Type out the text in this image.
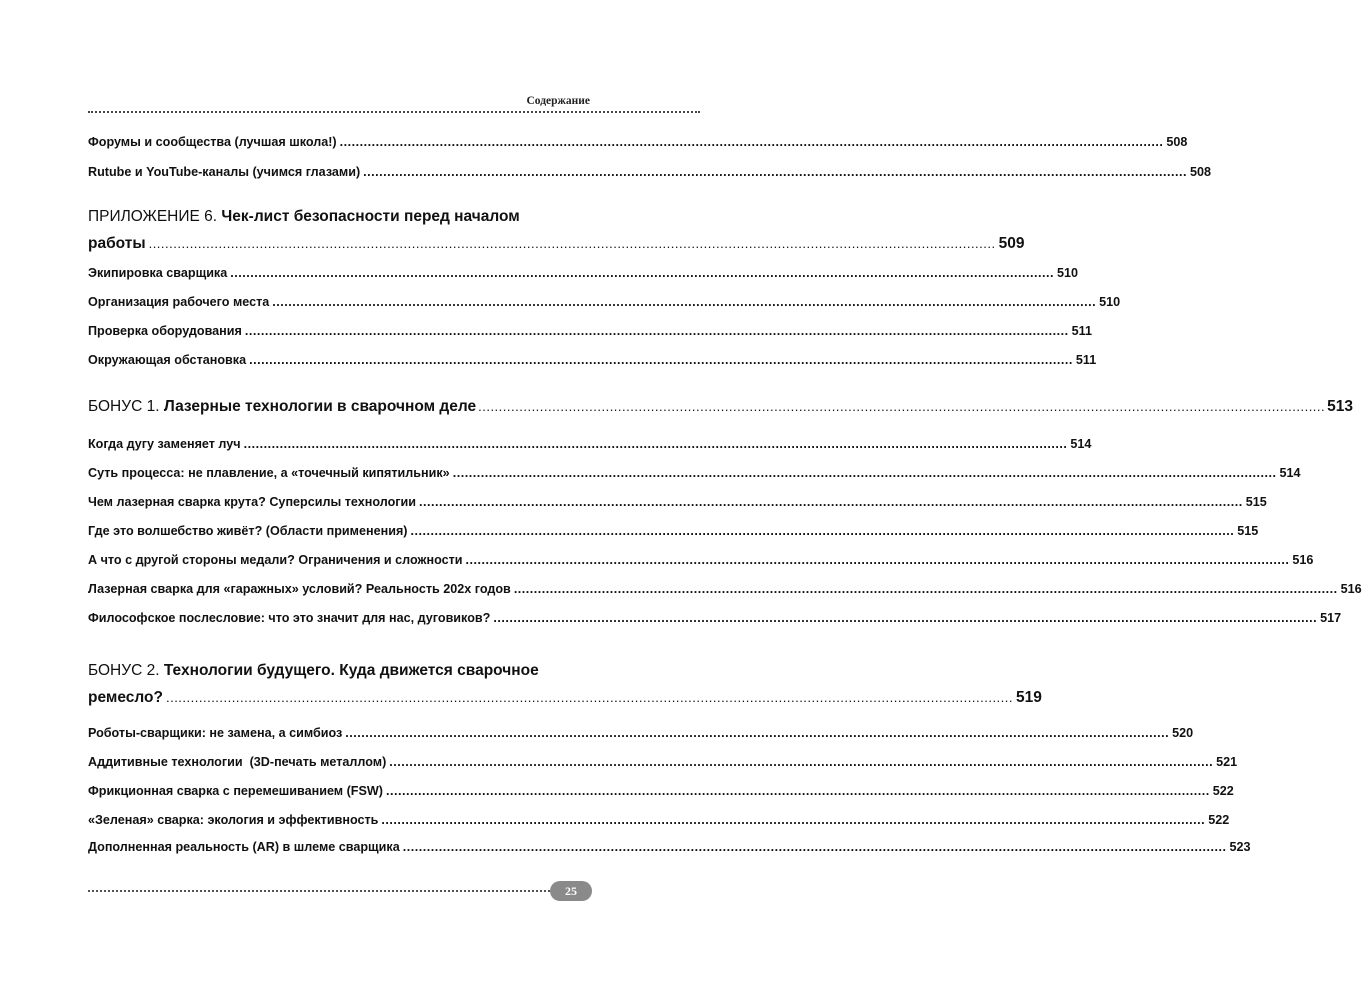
Содержание
Форумы и сообщества (лучшая школа!) .....	508
Rutube и YouTube-каналы (учимся глазами) .....	508
ПРИЛОЖЕНИЕ 6. Чек-лист безопасности перед началом
работы .....	509
Экипировка сварщика .....	510
Организация рабочего места .....	510
Проверка оборудования .....	511
Окружающая обстановка .....	511
БОНУС 1.
Лазерные технологии в сварочном деле .....	513
Когда дугу заменяет луч .....	514
Суть процесса: не плавление, а «точечный кипятильник» .....	514
Чем лазерная сварка крута? Суперсилы технологии .....	515
Где это волшебство живёт? (Области применения) .....	515
А что с другой стороны медали? Ограничения и сложности .....	516
Лазерная сварка для «гаражных» условий? Реальность 202х годов .....	516
Философское послесловие: что это значит для нас, дуговиков? .....	517
БОНУС 2. Технологии будущего. Куда движется сварочное
ремесло? .....	519
Роботы-сварщики: не замена, а симбиоз .....	520
Аддитивные технологии  (3D-печать металлом) .....	521
Фрикционная сварка с перемешиванием (FSW) .....	522
«Зеленая» сварка: экология и эффективность .....	522
Дополненная реальность (AR) в шлеме сварщика .....	523
25
